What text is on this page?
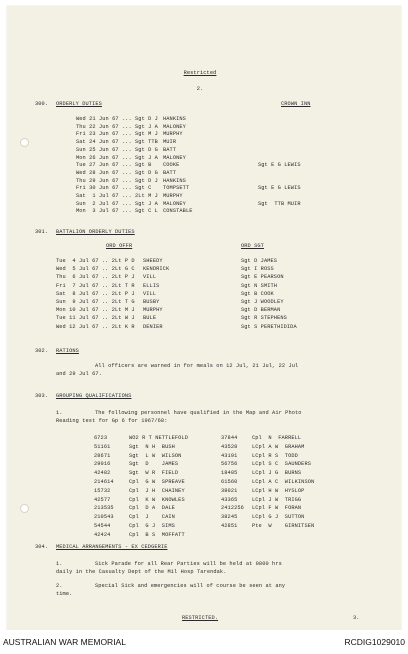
Restricted
2.
300. ORDERLY DUTIES	CROWN INN
Wed 21 Jun 67 ... Sgt D J HANKINS
Thu 22 Jun 67 ... Sgt J A MALONEY
Fri 23 Jun 67 ... Sgt M J MURPHY
Sat 24 Jun 67 ... Sgt TTB MUIR
Sun 25 Jun 67 ... Sgt D G BATT
Mon 26 Jun 67 ... Sgt J A MALONEY
Tue 27 Jun 67 ... Sgt B COOKE	Sgt E G LEWIS
Wed 28 Jun 67 ... Sgt D G BATT
Thu 29 Jun 67 ... Sgt D J HANKINS
Fri 30 Jun 67 ... Sgt C TOMPSETT	Sgt E G LEWIS
Sat  1 Jul 67 ... 2Lt M J MURPHY
Sun  2 Jul 67 ... Sgt J A MALONEY	Sgt  TTB MUIR
Mon  3 Jul 67 ... Sgt C L CONSTABLE
301. BATTALION ORDERLY DUTIES
ORD OFFR	ORD SGT
Tue  4 Jul 67 .. 2Lt P D SHEEDY	Sgt D JAMES
Wed  5 Jul 67 .. 2Lt G C KENDRICK	Sgt I ROSS
Thu  6 Jul 67 .. 2Lt P J VILL	Sgt E PEARSON
Fri  7 Jul 67 .. 2Lt T R ELLIS	Sgt N SMITH
Sat  8 Jul 67 .. 2Lt P J VILL	Sgt B COOK
Sun  9 Jul 67 .. 2Lt T G BUSBY	Sgt J WOODLEY
Mon 10 Jul 67 .. 2Lt M J MURPHY	Sgt D BERMAN
Tue 11 Jul 67 .. 2Lt W J BULE	Sgt R STEPHENS
Wed 12 Jul 67 .. 2Lt K R DENIER	Sgt S PERETHIDIDA
302. RATIONS
All officers are warned in for meals on 12 Jul, 21 Jul, 22 Jul
and 29 Jul 67.
303. GROUPING QUALIFICATIONS
1.	The following personnel have qualified in the Map and Air Photo
Reading test for Gp 6 for 1967/68:
6723	WO2 R T NETTLEFOLD	37844	Cpl  N  FARRELL
51161	Sgt  N H  BUSH	43528	LCpl A W  GRAHAM
28671	Sgt  L W  WILSON	43191	LCpl R S  TODD
29016	Sgt  D    JAMES	56756	LCpl S C  SAUNDERS
42482	Sgt  W R  FIELD	18405	LCpl J G  BURNS
214614	Cpl  G W  SPREAVE	61560	LCpl A C  WILKINSON
15732	Cpl  J H  CHAINEY	38021	LCpl H W  HYSLOP
42577	Cpl  K W  KNOWLES	43365	LCpl J W  TRIGG
213535	Cpl  D A  DALE	2412256 LCpl F W  FORAN
210543	Cpl  J    CAIN	38245	LCpl G J  SUTTON
54544	Cpl  G J  SIMS	42851	Pte  W    GIRNITSEN
42424	Cpl  B S  MOFFATT
304. MEDICAL ARRANGEMENTS - EX CEDGERIE
1.	Sick Parade for all Rear Parties will be held at 0800 hrs
daily in the Casualty Dept of the Mil Hosp Tarendak.
2.	Special Sick and emergencies will of course be seen at any
time.
RESTRICTED.	3.
AUSTRALIAN WAR MEMORIAL	RCDIG1029010
